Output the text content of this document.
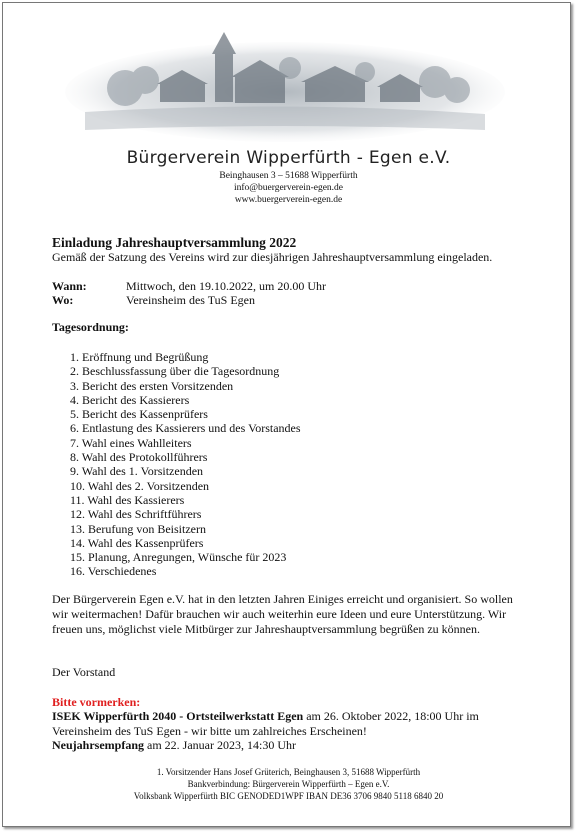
Bürgerverein Wipperfürth - Egen e.V.
Beinghausen 3 – 51688 Wipperfürth
info@buergerverein-egen.de
www.buergerverein-egen.de
Einladung Jahreshauptversammlung 2022
Gemäß der Satzung des Vereins wird zur diesjährigen Jahreshauptversammlung eingeladen.
Wann:	Mittwoch, den 19.10.2022, um 20.00 Uhr
Wo:	Vereinsheim des TuS Egen
Tagesordnung:
1. Eröffnung und Begrüßung
2. Beschlussfassung über die Tagesordnung
3. Bericht des ersten Vorsitzenden
4. Bericht des Kassierers
5. Bericht des Kassenprüfers
6. Entlastung des Kassierers und des Vorstandes
7. Wahl eines Wahlleiters
8. Wahl des Protokollführers
9. Wahl des 1. Vorsitzenden
10. Wahl des 2. Vorsitzenden
11. Wahl des Kassierers
12. Wahl des Schriftführers
13. Berufung von Beisitzern
14. Wahl des Kassenprüfers
15. Planung, Anregungen, Wünsche für 2023
16. Verschiedenes
Der Bürgerverein Egen e.V. hat in den letzten Jahren Einiges erreicht und organisiert. So wollen wir weitermachen! Dafür brauchen wir auch weiterhin eure Ideen und eure Unterstützung. Wir freuen uns, möglichst viele Mitbürger zur Jahreshauptversammlung begrüßen zu können.
Der Vorstand
Bitte vormerken:
ISEK Wipperfürth 2040 - Ortsteilwerkstatt Egen am 26. Oktober 2022, 18:00 Uhr im Vereinsheim des TuS Egen - wir bitte um zahlreiches Erscheinen!
Neujahrsempfang am 22. Januar 2023, 14:30 Uhr
1. Vorsitzender Hans Josef Grüterich, Beinghausen 3, 51688 Wipperfürth
Bankverbindung: Bürgerverein Wipperfürth – Egen e.V.
Volksbank Wipperfürth BIC GENODED1WPF IBAN DE36 3706 9840 5118 6840 20
